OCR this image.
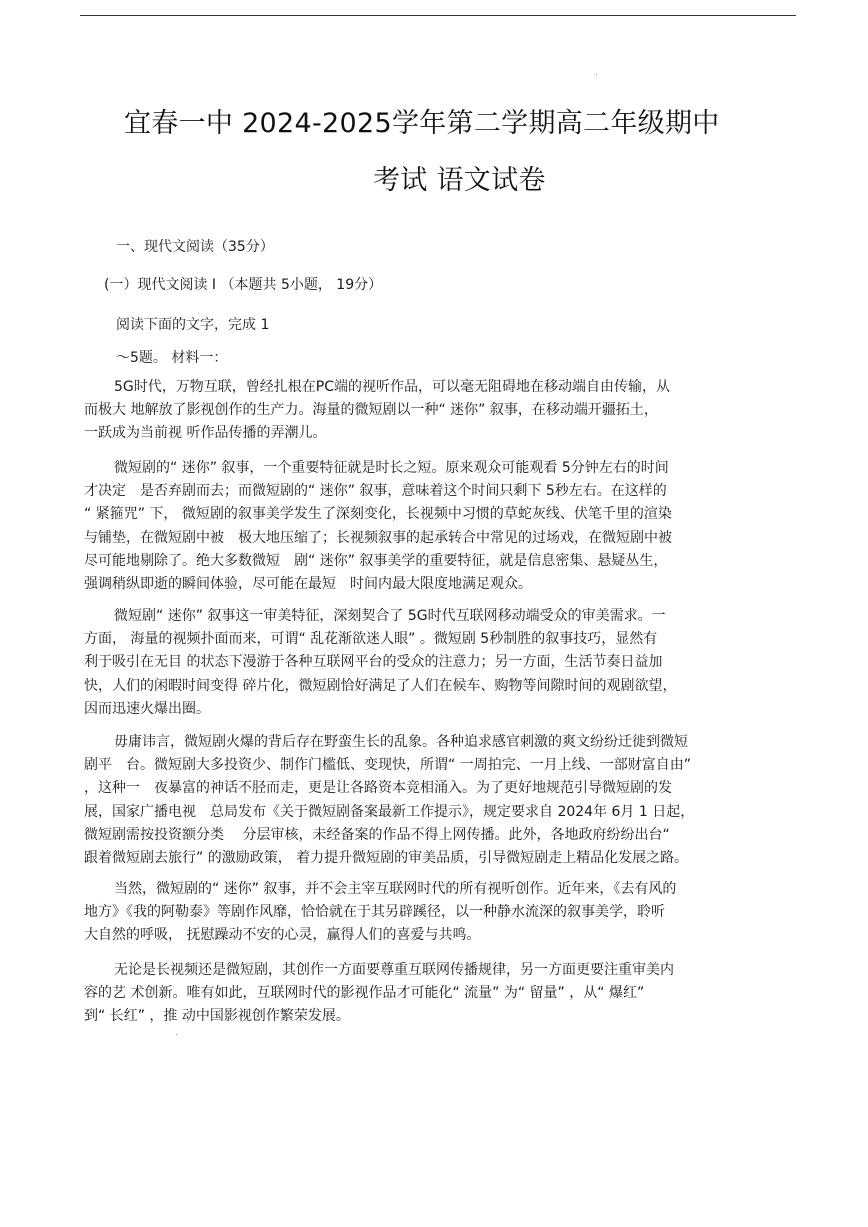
宜春一中 2024-2025学年第二学期高二年级期中
考试 语文试卷
一、现代文阅读（35分）
(一）现代文阅读 I （本题共 5小题， 19分）
阅读下面的文字，完成 1
～5题。 材料一：
5G时代，万物互联，曾经扎根在PC端的视听作品，可以毫无阻碍地在移动端自由传输，从
而极大 地解放了影视创作的生产力。海量的微短剧以一种“ 迷你” 叙事，在移动端开疆拓土，
一跃成为当前视 听作品传播的弄潮儿。
微短剧的“ 迷你” 叙事，一个重要特征就是时长之短。原来观众可能观看 5分钟左右的时间
才决定　是否弃剧而去；而微短剧的“ 迷你” 叙事，意味着这个时间只剩下 5秒左右。在这样的
“ 紧箍咒” 下， 微短剧的叙事美学发生了深刻变化，长视频中习惯的草蛇灰线、伏笔千里的渲染
与铺垫，在微短剧中被　极大地压缩了；长视频叙事的起承转合中常见的过场戏，在微短剧中被
尽可能地剔除了。绝大多数微短　剧“ 迷你” 叙事美学的重要特征，就是信息密集、悬疑丛生，
强调稍纵即逝的瞬间体验，尽可能在最短　时间内最大限度地满足观众。
微短剧“ 迷你” 叙事这一审美特征，深刻契合了 5G时代互联网移动端受众的审美需求。一
方面， 海量的视频扑面而来，可谓“ 乱花渐欲迷人眼” 。微短剧 5秒制胜的叙事技巧，显然有
利于吸引在无目 的状态下漫游于各种互联网平台的受众的注意力；另一方面，生活节奏日益加
快，人们的闲暇时间变得 碎片化，微短剧恰好满足了人们在候车、购物等间隙时间的观剧欲望，
因而迅速火爆出圈。
毋庸讳言，微短剧火爆的背后存在野蛮生长的乱象。各种追求感官刺激的爽文纷纷迁徙到微短
剧平　台。微短剧大多投资少、制作门槛低、变现快，所谓“ 一周拍完、一月上线、一部财富自由”
，这种一　夜暴富的神话不胫而走，更是让各路资本竞相涌入。为了更好地规范引导微短剧的发
展，国家广播电视　总局发布《关于微短剧备案最新工作提示》，规定要求自 2024年 6月 1 日起，
微短剧需按投资额分类　 分层审核，未经备案的作品不得上网传播。此外，各地政府纷纷出台“
跟着微短剧去旅行” 的激励政策， 着力提升微短剧的审美品质，引导微短剧走上精品化发展之路。
当然，微短剧的“ 迷你” 叙事，并不会主宰互联网时代的所有视听创作。近年来，《去有风的
地方》《我的阿勒泰》等剧作风靡，恰恰就在于其另辟蹊径，以一种静水流深的叙事美学，聆听
大自然的呼吸， 抚慰躁动不安的心灵，赢得人们的喜爱与共鸣。
无论是长视频还是微短剧，其创作一方面要尊重互联网传播规律，另一方面更要注重审美内
容的艺 术创新。唯有如此，互联网时代的影视作品才可能化“ 流量” 为“ 留量” ，从“ 爆红”
到“ 长红” ，推 动中国影视创作繁荣发展。
